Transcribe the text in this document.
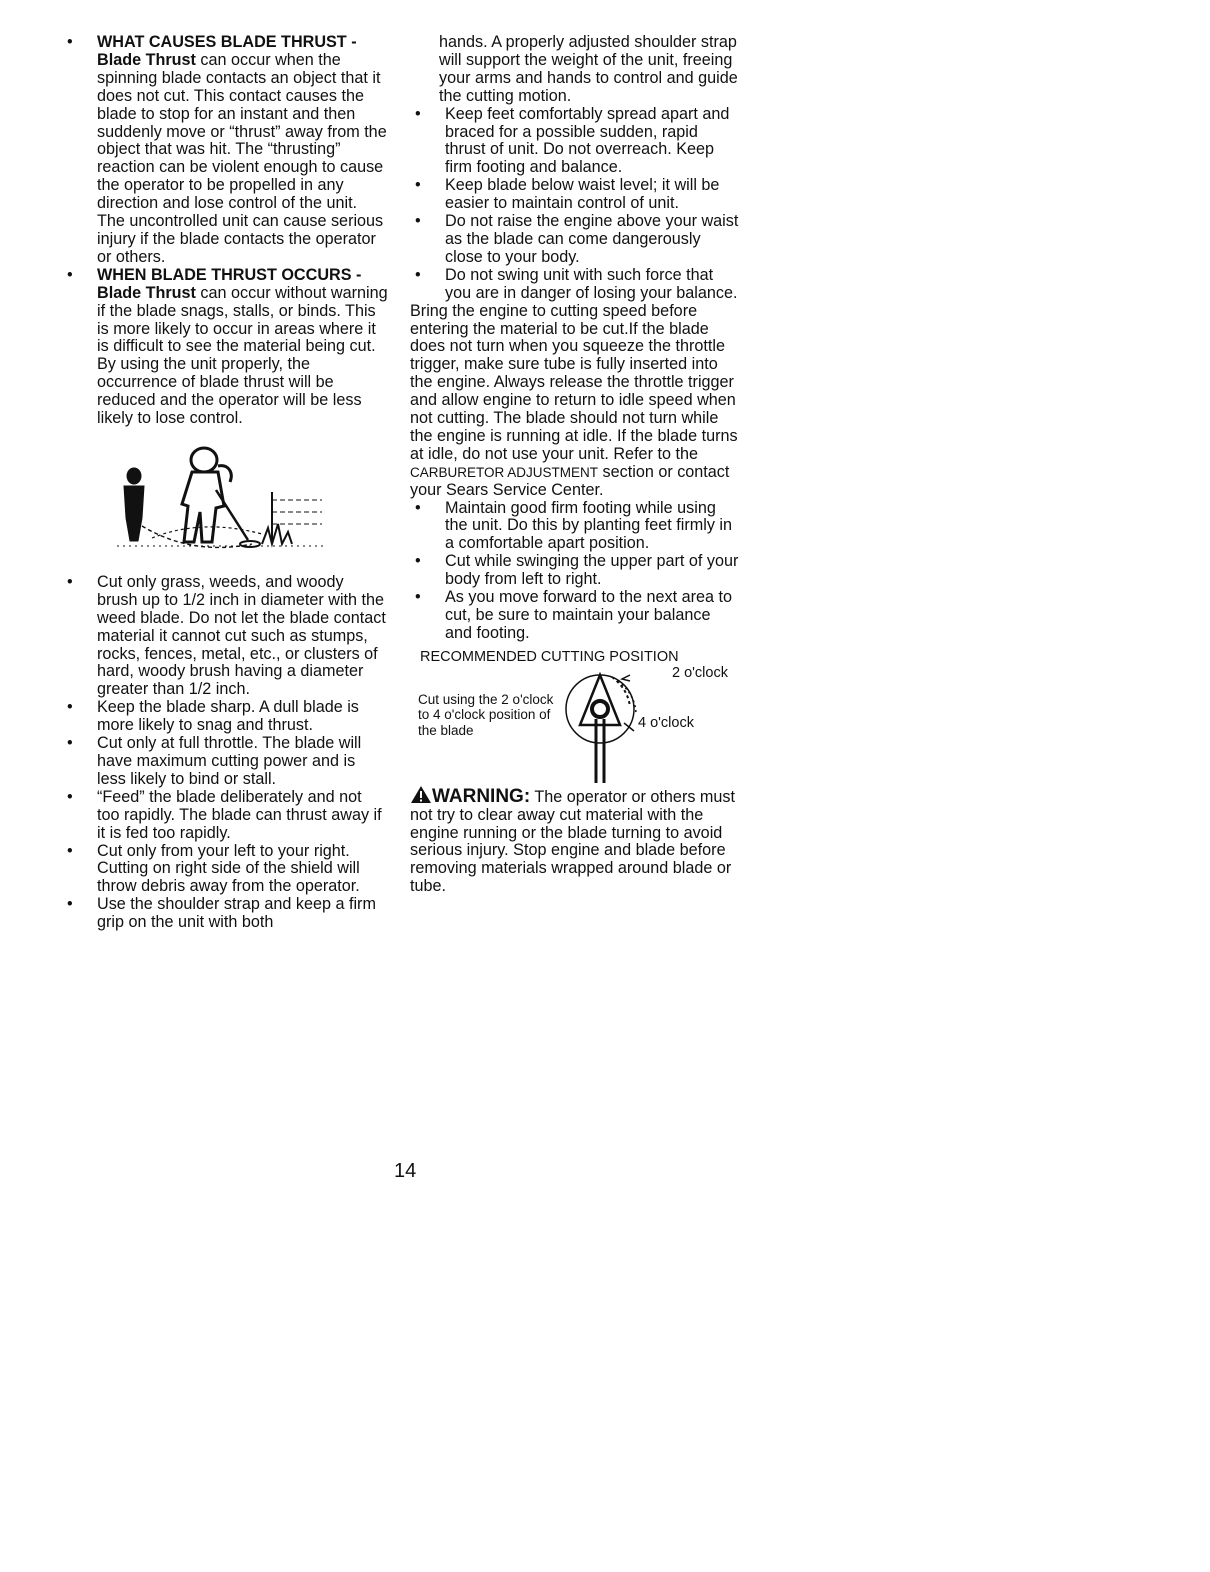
• WHAT CAUSES BLADE THRUST - Blade Thrust can occur when the spinning blade contacts an object that it does not cut. This contact causes the blade to stop for an instant and then suddenly move or “thrust” away from the object that was hit. The “thrusting” reaction can be violent enough to cause the operator to be propelled in any direction and lose control of the unit. The uncontrolled unit can cause serious injury if the blade contacts the operator or others.
• WHEN BLADE THRUST OCCURS - Blade Thrust can occur without warning if the blade snags, stalls, or binds. This is more likely to occur in areas where it is difficult to see the material being cut. By using the unit properly, the occurrence of blade thrust will be reduced and the operator will be less likely to lose control.
• Cut only grass, weeds, and woody brush up to 1/2 inch in diameter with the weed blade. Do not let the blade contact material it cannot cut such as stumps, rocks, fences, metal, etc., or clusters of hard, woody brush having a diameter greater than 1/2 inch.
• Keep the blade sharp. A dull blade is more likely to snag and thrust.
• Cut only at full throttle. The blade will have maximum cutting power and is less likely to bind or stall.
• “Feed” the blade deliberately and not too rapidly. The blade can thrust away if it is fed too rapidly.
• Cut only from your left to your right. Cutting on right side of the shield will throw debris away from the operator.
• Use the shoulder strap and keep a firm grip on the unit with both

hands. A properly adjusted shoulder strap will support the weight of the unit, freeing your arms and hands to control and guide the cutting motion.

• Keep feet comfortably spread apart and braced for a possible sudden, rapid thrust of unit. Do not overreach. Keep firm footing and balance.
• Keep blade below waist level; it will be easier to maintain control of unit.
• Do not raise the engine above your waist as the blade can come dangerously close to your body.
• Do not swing unit with such force that you are in danger of losing your balance.

Bring the engine to cutting speed before entering the material to be cut.If the blade does not turn when you squeeze the throttle trigger, make sure tube is fully inserted into the engine. Always release the throttle trigger and allow engine to return to idle speed when not cutting. The blade should not turn while the engine is running at idle. If the blade turns at idle, do not use your unit. Refer to the CARBURETOR ADJUSTMENT section or contact your Sears Service Center.

• Maintain good firm footing while using the unit. Do this by planting feet firmly in a comfortable apart position.
• Cut while swinging the upper part of your body from left to right.
• As you move forward to the next area to cut, be sure to maintain your balance and footing.
RECOMMENDED CUTTING POSITION
Cut using the 2 o'clock to 4 o'clock position of the blade
2 o'clock
4 o'clock

WARNING: The operator or others must not try to clear away cut material with the engine running or the blade turning to avoid serious injury. Stop engine and blade before removing materials wrapped around blade or tube.

14
